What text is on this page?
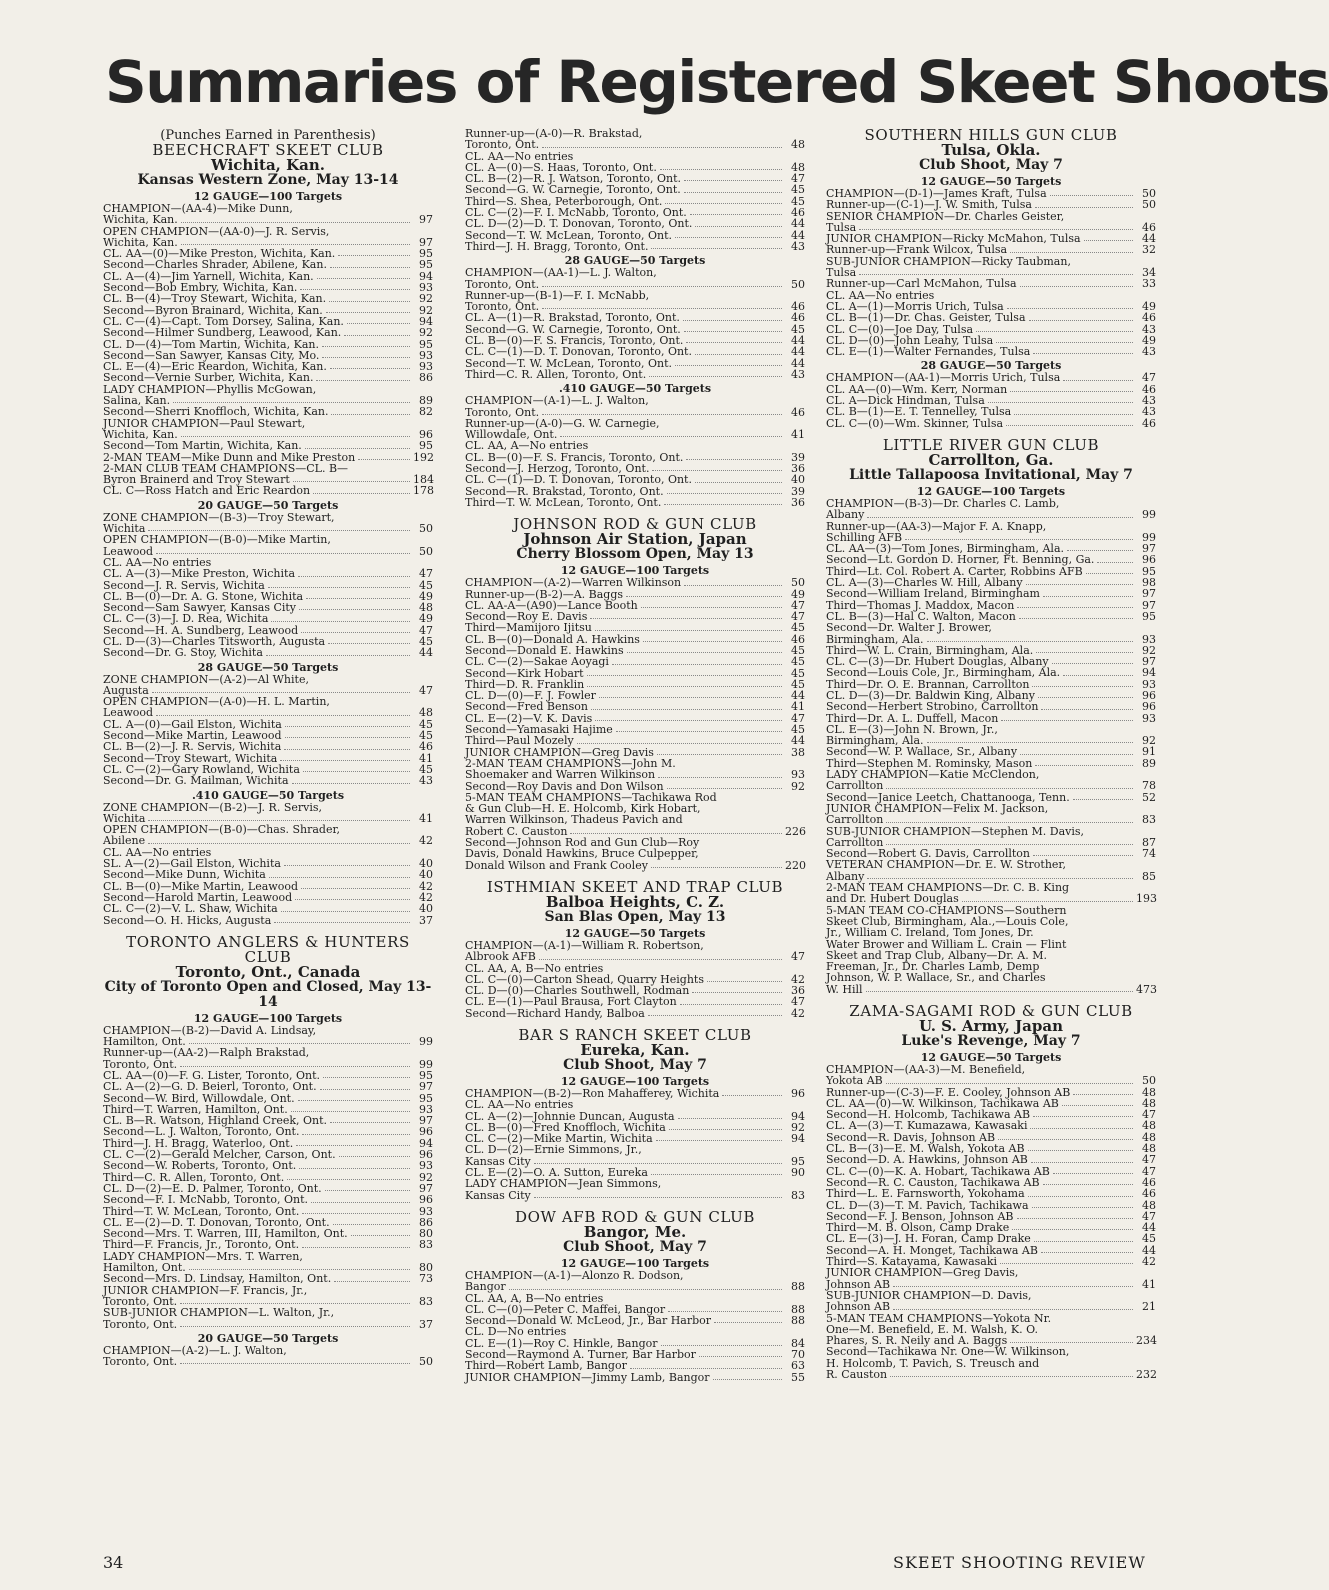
Summaries of Registered Skeet Shoots
(Punches Earned in Parenthesis)
BEECHCRAFT SKEET CLUB
Wichita, Kan.
Kansas Western Zone, May 13-14
12 GAUGE—100 Targets
CHAMPION—(AA-4)—Mike Dunn,
Wichita, Kan.	97
OPEN CHAMPION—(AA-0)—J. R. Servis,
Wichita, Kan.	97
CL. AA—(0)—Mike Preston, Wichita, Kan.	95
Second—Charles Shrader, Abilene, Kan.	95
CL. A—(4)—Jim Yarnell, Wichita, Kan.	94
Second—Bob Embry, Wichita, Kan.	93
CL. B—(4)—Troy Stewart, Wichita, Kan.	92
Second—Byron Brainard, Wichita, Kan.	92
CL. C—(4)—Capt. Tom Dorsey, Salina, Kan.	94
Second—Hilmer Sundberg, Leawood, Kan.	92
CL. D—(4)—Tom Martin, Wichita, Kan.	95
Second—San Sawyer, Kansas City, Mo.	93
CL. E—(4)—Eric Reardon, Wichita, Kan.	93
Second—Vernie Surber, Wichita, Kan.	86
LADY CHAMPION—Phyllis McGowan,
Salina, Kan.	89
Second—Sherri Knoffloch, Wichita, Kan.	82
JUNIOR CHAMPION—Paul Stewart,
Wichita, Kan.	96
Second—Tom Martin, Wichita, Kan.	95
2-MAN TEAM—Mike Dunn and Mike Preston	192
2-MAN CLUB TEAM CHAMPIONS—CL. B—
Byron Brainerd and Troy Stewart	184
CL. C—Ross Hatch and Eric Reardon	178
20 GAUGE—50 Targets
ZONE CHAMPION—(B-3)—Troy Stewart,
Wichita	50
OPEN CHAMPION—(B-0)—Mike Martin,
Leawood	50
CL. AA—No entries
CL. A—(3)—Mike Preston, Wichita	47
Second—J. R. Servis, Wichita	45
CL. B—(0)—Dr. A. G. Stone, Wichita	49
Second—Sam Sawyer, Kansas City	48
CL. C—(3)—J. D. Rea, Wichita	49
Second—H. A. Sundberg, Leawood	47
CL. D—(3)—Charles Titsworth, Augusta	45
Second—Dr. G. Stoy, Wichita	44
28 GAUGE—50 Targets
ZONE CHAMPION—(A-2)—Al White,
Augusta	47
OPEN CHAMPION—(A-0)—H. L. Martin,
Leawood	48
CL. A—(0)—Gail Elston, Wichita	45
Second—Mike Martin, Leawood	45
CL. B—(2)—J. R. Servis, Wichita	46
Second—Troy Stewart, Wichita	41
CL. C—(2)—Gary Rowland, Wichita	45
Second—Dr. G. Mailman, Wichita	43
.410 GAUGE—50 Targets
ZONE CHAMPION—(B-2)—J. R. Servis,
Wichita	41
OPEN CHAMPION—(B-0)—Chas. Shrader,
Abilene	42
CL. AA—No entries
SL. A—(2)—Gail Elston, Wichita	40
Second—Mike Dunn, Wichita	40
CL. B—(0)—Mike Martin, Leawood	42
Second—Harold Martin, Leawood	42
CL. C—(2)—V. L. Shaw, Wichita	40
Second—O. H. Hicks, Augusta	37
TORONTO ANGLERS & HUNTERS CLUB
Toronto, Ont., Canada
City of Toronto Open and Closed, May 13-14
12 GAUGE—100 Targets
CHAMPION—(B-2)—David A. Lindsay,
Hamilton, Ont.	99
Runner-up—(AA-2)—Ralph Brakstad,
Toronto, Ont.	99
CL. AA—(0)—F. G. Lister, Toronto, Ont.	95
CL. A—(2)—G. D. Beierl, Toronto, Ont.	97
Second—W. Bird, Willowdale, Ont.	95
Third—T. Warren, Hamilton, Ont.	93
CL. B—R. Watson, Highland Creek, Ont.	97
Second—L. J. Walton, Toronto, Ont.	96
Third—J. H. Bragg, Waterloo, Ont.	94
CL. C—(2)—Gerald Melcher, Carson, Ont.	96
Second—W. Roberts, Toronto, Ont.	93
Third—C. R. Allen, Toronto, Ont.	92
CL. D—(2)—E. D. Palmer, Toronto, Ont.	97
Second—F. I. McNabb, Toronto, Ont.	96
Third—T. W. McLean, Toronto, Ont.	93
CL. E—(2)—D. T. Donovan, Toronto, Ont.	86
Second—Mrs. T. Warren, III, Hamilton, Ont.	80
Third—F. Francis, Jr., Toronto, Ont.	83
LADY CHAMPION—Mrs. T. Warren,
Hamilton, Ont.	80
Second—Mrs. D. Lindsay, Hamilton, Ont.	73
JUNIOR CHAMPION—F. Francis, Jr.,
Toronto, Ont.	83
SUB-JUNIOR CHAMPION—L. Walton, Jr.,
Toronto, Ont.	37
20 GAUGE—50 Targets
CHAMPION—(A-2)—L. J. Walton,
Toronto, Ont.	50
Runner-up—(A-0)—R. Brakstad,
Toronto, Ont.	48
CL. AA—No entries
CL. A—(0)—S. Haas, Toronto, Ont.	48
CL. B—(2)—R. J. Watson, Toronto, Ont.	47
Second—G. W. Carnegie, Toronto, Ont.	45
Third—S. Shea, Peterborough, Ont.	45
CL. C—(2)—F. I. McNabb, Toronto, Ont.	46
CL. D—(2)—D. T. Donovan, Toronto, Ont.	44
Second—T. W. McLean, Toronto, Ont.	44
Third—J. H. Bragg, Toronto, Ont.	43
28 GAUGE—50 Targets
CHAMPION—(AA-1)—L. J. Walton,
Toronto, Ont.	50
Runner-up—(B-1)—F. I. McNabb,
Toronto, Ont.	46
CL. A—(1)—R. Brakstad, Toronto, Ont.	46
Second—G. W. Carnegie, Toronto, Ont.	45
CL. B—(0)—F. S. Francis, Toronto, Ont.	44
CL. C—(1)—D. T. Donovan, Toronto, Ont.	44
Second—T. W. McLean, Toronto, Ont.	44
Third—C. R. Allen, Toronto, Ont.	43
.410 GAUGE—50 Targets
CHAMPION—(A-1)—L. J. Walton,
Toronto, Ont.	46
Runner-up—(A-0)—G. W. Carnegie,
Willowdale, Ont.	41
CL. AA, A—No entries
CL. B—(0)—F. S. Francis, Toronto, Ont.	39
Second—J. Herzog, Toronto, Ont.	36
CL. C—(1)—D. T. Donovan, Toronto, Ont.	40
Second—R. Brakstad, Toronto, Ont.	39
Third—T. W. McLean, Toronto, Ont.	36
JOHNSON ROD & GUN CLUB
Johnson Air Station, Japan
Cherry Blossom Open, May 13
12 GAUGE—100 Targets
CHAMPION—(A-2)—Warren Wilkinson	50
Runner-up—(B-2)—A. Baggs	49
CL. AA-A—(A90)—Lance Booth	47
Second—Roy E. Davis	47
Third—Mamijoro Ijitsu	45
CL. B—(0)—Donald A. Hawkins	46
Second—Donald E. Hawkins	45
CL. C—(2)—Sakae Aoyagi	45
Second—Kirk Hobart	45
Third—D. R. Franklin	45
CL. D—(0)—F. J. Fowler	44
Second—Fred Benson	41
CL. E—(2)—V. K. Davis	47
Second—Yamasaki Hajime	45
Third—Paul Mozely	44
JUNIOR CHAMPION—Greg Davis	38
2-MAN TEAM CHAMPIONS—John M.
Shoemaker and Warren Wilkinson	93
Second—Roy Davis and Don Wilson	92
5-MAN TEAM CHAMPIONS—Tachikawa Rod
& Gun Club—H. E. Holcomb, Kirk Hobart,
Warren Wilkinson, Thadeus Pavich and
Robert C. Causton	226
Second—Johnson Rod and Gun Club—Roy
Davis, Donald Hawkins, Bruce Culpepper,
Donald Wilson and Frank Cooley	220
ISTHMIAN SKEET AND TRAP CLUB
Balboa Heights, C. Z.
San Blas Open, May 13
12 GAUGE—50 Targets
CHAMPION—(A-1)—William R. Robertson,
Albrook AFB	47
CL. AA, A, B—No entries
CL. C—(0)—Carton Shead, Quarry Heights	42
CL. D—(0)—Charles Southwell, Rodman	36
CL. E—(1)—Paul Brausa, Fort Clayton	47
Second—Richard Handy, Balboa	42
BAR S RANCH SKEET CLUB
Eureka, Kan.
Club Shoot, May 7
12 GAUGE—100 Targets
CHAMPION—(B-2)—Ron Mahafferey, Wichita	96
CL. AA—No entries
CL. A—(2)—Johnnie Duncan, Augusta	94
CL. B—(0)—Fred Knoffloch, Wichita	92
CL. C—(2)—Mike Martin, Wichita	94
CL. D—(2)—Ernie Simmons, Jr.,
Kansas City	95
CL. E—(2)—O. A. Sutton, Eureka	90
LADY CHAMPION—Jean Simmons,
Kansas City	83
DOW AFB ROD & GUN CLUB
Bangor, Me.
Club Shoot, May 7
12 GAUGE—100 Targets
CHAMPION—(A-1)—Alonzo R. Dodson,
Bangor	88
CL. AA, A, B—No entries
CL. C—(0)—Peter C. Maffei, Bangor	88
Second—Donald W. McLeod, Jr., Bar Harbor	88
CL. D—No entries
CL. E—(1)—Roy C. Hinkle, Bangor	84
Second—Raymond A. Turner, Bar Harbor	70
Third—Robert Lamb, Bangor	63
JUNIOR CHAMPION—Jimmy Lamb, Bangor	55
SOUTHERN HILLS GUN CLUB
Tulsa, Okla.
Club Shoot, May 7
12 GAUGE—50 Targets
CHAMPION—(D-1)—James Kraft, Tulsa	50
Runner-up—(C-1)—J. W. Smith, Tulsa	50
SENIOR CHAMPION—Dr. Charles Geister,
Tulsa	46
JUNIOR CHAMPION—Ricky McMahon, Tulsa	44
Runner-up—Frank Wilcox, Tulsa	32
SUB-JUNIOR CHAMPION—Ricky Taubman,
Tulsa	34
Runner-up—Carl McMahon, Tulsa	33
CL. AA—No entries
CL. A—(1)—Morris Urich, Tulsa	49
CL. B—(1)—Dr. Chas. Geister, Tulsa	46
CL. C—(0)—Joe Day, Tulsa	43
CL. D—(0)—John Leahy, Tulsa	49
CL. E—(1)—Walter Fernandes, Tulsa	43
28 GAUGE—50 Targets
CHAMPION—(AA-1)—Morris Urich, Tulsa	47
CL. AA—(0)—Wm. Kerr, Norman	46
CL. A—Dick Hindman, Tulsa	43
CL. B—(1)—E. T. Tennelley, Tulsa	43
CL. C—(0)—Wm. Skinner, Tulsa	46
LITTLE RIVER GUN CLUB
Carrollton, Ga.
Little Tallapoosa Invitational, May 7
12 GAUGE—100 Targets
CHAMPION—(B-3)—Dr. Charles C. Lamb,
Albany	99
Runner-up—(AA-3)—Major F. A. Knapp,
Schilling AFB	99
CL. AA—(3)—Tom Jones, Birmingham, Ala.	97
Second—Lt. Gordon D. Horner, Ft. Benning, Ga.	96
Third—Lt. Col. Robert A. Carter, Robbins AFB	95
CL. A—(3)—Charles W. Hill, Albany	98
Second—William Ireland, Birmingham	97
Third—Thomas J. Maddox, Macon	97
CL. B—(3)—Hal C. Walton, Macon	95
Second—Dr. Walter J. Brower,
Birmingham, Ala.	93
Third—W. L. Crain, Birmingham, Ala.	92
CL. C—(3)—Dr. Hubert Douglas, Albany	97
Second—Louis Cole, Jr., Birmingham, Ala.	94
Third—Dr. O. E. Brannan, Carrollton	93
CL. D—(3)—Dr. Baldwin King, Albany	96
Second—Herbert Strobino, Carrollton	96
Third—Dr. A. L. Duffell, Macon	93
CL. E—(3)—John N. Brown, Jr.,
Birmingham, Ala.	92
Second—W. P. Wallace, Sr., Albany	91
Third—Stephen M. Rominsky, Mason	89
LADY CHAMPION—Katie McClendon,
Carrollton	78
Second—Janice Leetch, Chattanooga, Tenn.	52
JUNIOR CHAMPION—Felix M. Jackson,
Carrollton	83
SUB-JUNIOR CHAMPION—Stephen M. Davis,
Carrollton	87
Second—Robert G. Davis, Carrollton	74
VETERAN CHAMPION—Dr. E. W. Strother,
Albany	85
2-MAN TEAM CHAMPIONS—Dr. C. B. King
and Dr. Hubert Douglas	193
5-MAN TEAM CO-CHAMPIONS—Southern
Skeet Club, Birmingham, Ala.,—Louis Cole,
Jr., William C. Ireland, Tom Jones, Dr.
Water Brower and William L. Crain — Flint
Skeet and Trap Club, Albany—Dr. A. M.
Freeman, Jr., Dr. Charles Lamb, Demp
Johnson, W. P. Wallace, Sr., and Charles
W. Hill	473
ZAMA-SAGAMI ROD & GUN CLUB
U. S. Army, Japan
Luke's Revenge, May 7
12 GAUGE—50 Targets
CHAMPION—(AA-3)—M. Benefield,
Yokota AB	50
Runner-up—(C-3)—F. E. Cooley, Johnson AB	48
CL. AA—(0)—W. Wilkinson, Tachikawa AB	48
Second—H. Holcomb, Tachikawa AB	47
CL. A—(3)—T. Kumazawa, Kawasaki	48
Second—R. Davis, Johnson AB	48
CL. B—(3)—E. M. Walsh, Yokota AB	48
Second—D. A. Hawkins, Johnson AB	47
CL. C—(0)—K. A. Hobart, Tachikawa AB	47
Second—R. C. Causton, Tachikawa AB	46
Third—L. E. Farnsworth, Yokohama	46
CL. D—(3)—T. M. Pavich, Tachikawa	48
Second—F. J. Benson, Johnson AB	47
Third—M. B. Olson, Camp Drake	44
CL. E—(3)—J. H. Foran, Camp Drake	45
Second—A. H. Monget, Tachikawa AB	44
Third—S. Katayama, Kawasaki	42
JUNIOR CHAMPION—Greg Davis,
Johnson AB	41
SUB-JUNIOR CHAMPION—D. Davis,
Johnson AB	21
5-MAN TEAM CHAMPIONS—Yokota Nr.
One—M. Benefield, E. M. Walsh, K. O.
Phares, S. R. Neily and A. Baggs	234
Second—Tachikawa Nr. One—W. Wilkinson,
H. Holcomb, T. Pavich, S. Treusch and
R. Causton	232
34	SKEET SHOOTING REVIEW
